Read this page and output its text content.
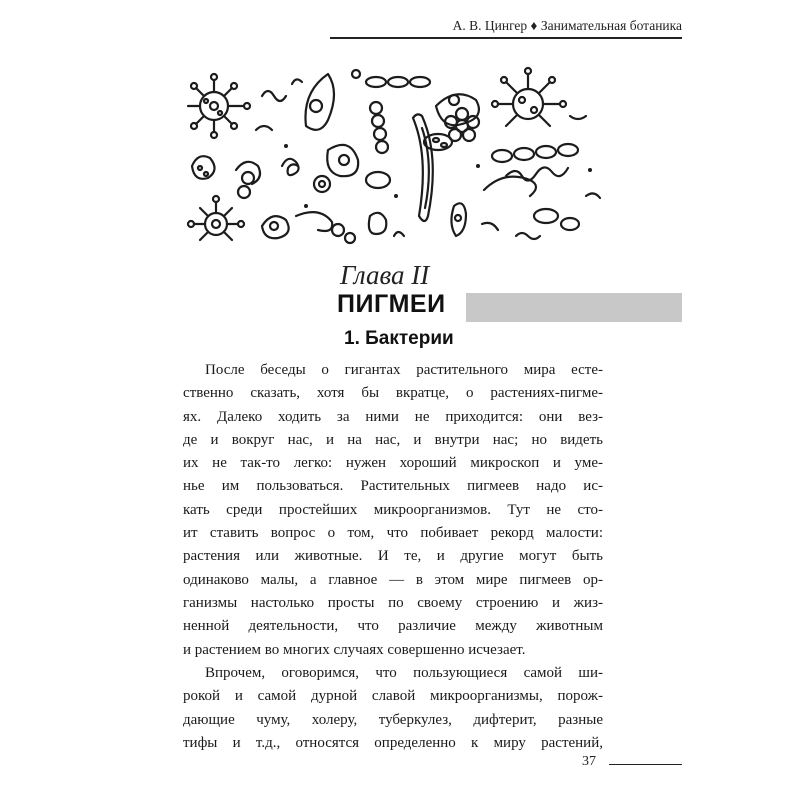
А. В. Цингер ♦ Занимательная ботаника
Глава II
ПИГМЕИ
1. Бактерии
После беседы о гигантах растительного мира есте-
ственно сказать, хотя бы вкратце, о растениях-пигме-
ях. Далеко ходить за ними не приходится: они вез-
де и вокруг нас, и на нас, и внутри нас; но видеть
их не так-то легко: нужен хороший микроскоп и уме-
нье им пользоваться. Растительных пигмеев надо ис-
кать среди простейших микроорганизмов. Тут не сто-
ит ставить вопрос о том, что побивает рекорд малости:
растения или животные. И те, и другие могут быть
одинаково малы, а главное — в этом мире пигмеев ор-
ганизмы настолько просты по своему строению и жиз-
ненной деятельности, что различие между животным
и растением во многих случаях совершенно исчезает.
Впрочем, оговоримся, что пользующиеся самой ши-
рокой и самой дурной славой микроорганизмы, порож-
дающие чуму, холеру, туберкулез, дифтерит, разные
тифы и т.д., относятся определенно к миру растений,
37
